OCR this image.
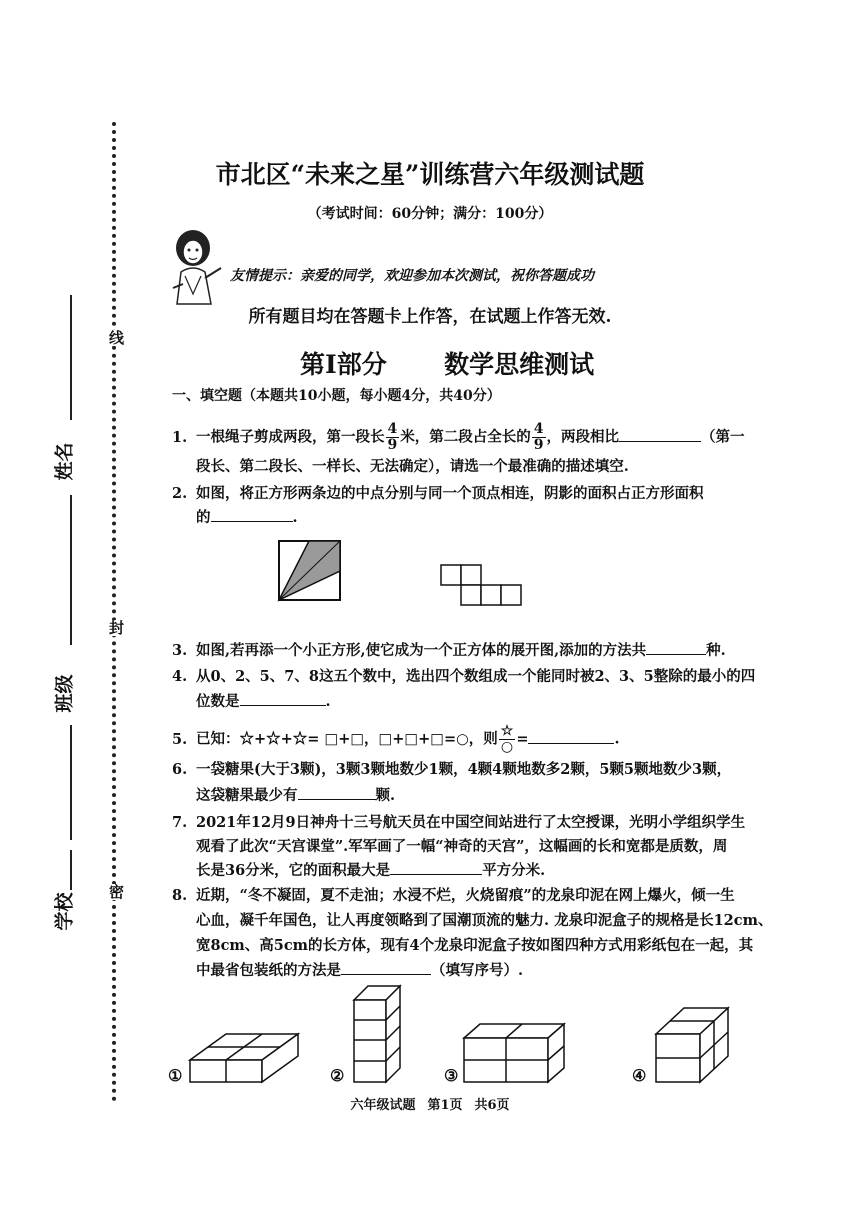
线
封
密
姓名
班级
学校
市北区“未来之星”训练营六年级测试题
（考试时间：60分钟；满分：100分）
友情提示：亲爱的同学，欢迎参加本次测试，祝你答题成功
所有题目均在答题卡上作答，在试题上作答无效.
第Ⅰ部分 数学思维测试
一、填空题（本题共10小题，每小题4分，共40分）
1. 一根绳子剪成两段，第一段长 $\frac{4}{9}$ 米，第二段占全长的 $\frac{4}{9}$ ，两段相比	（第一
段长、第二段长、一样长、无法确定），请选一个最准确的描述填空.
2. 如图，将正方形两条边的中点分别与同一个顶点相连，阴影的面积占正方形面积
的	.
3. 如图,若再添一个小正方形,使它成为一个正方体的展开图,添加的方法共	种.
4. 从0、2、5、7、8这五个数中，选出四个数组成一个能同时被2、3、5整除的最小的四
位数是	.
5. 已知：☆+☆+☆= □+□，□+□+□=○，则 $\frac{☆}{○}$ =	.
6. 一袋糖果(大于3颗)，3颗3颗地数少1颗，4颗4颗地数多2颗，5颗5颗地数少3颗，
这袋糖果最少有	颗.
7. 2021年12月9日神舟十三号航天员在中国空间站进行了太空授课，光明小学组织学生
观看了此次“天宫课堂”.军军画了一幅“神奇的天宫”，这幅画的长和宽都是质数，周
长是36分米，它的面积最大是	平方分米.
8. 近期，“冬不凝固，夏不走油；水浸不烂，火烧留痕”的龙泉印泥在网上爆火，倾一生
心血，凝千年国色，让人再度领略到了国潮顶流的魅力. 龙泉印泥盒子的规格是长12cm、
宽8cm、高5cm的长方体，现有4个龙泉印泥盒子按如图四种方式用彩纸包在一起，其
中最省包装纸的方法是	（填写序号）.
①	②	③	④
六年级试题 第1页 共6页
